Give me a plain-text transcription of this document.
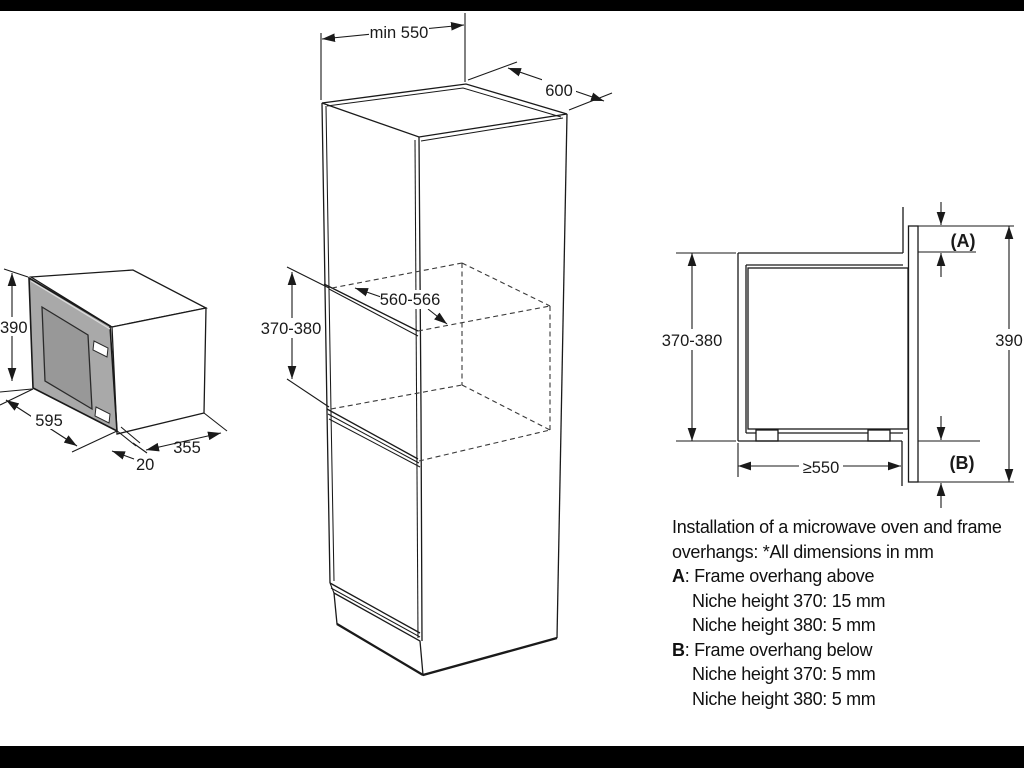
390
595
355
20
min 550
600
560-566
370-380
370-380
(A)
(B)
390
≥550
Installation of a microwave oven and frame
overhangs: *All dimensions in mm
A: Frame overhang above
Niche height 370: 15 mm
Niche height 380: 5 mm
B: Frame overhang below
Niche height 370: 5 mm
Niche height 380: 5 mm
